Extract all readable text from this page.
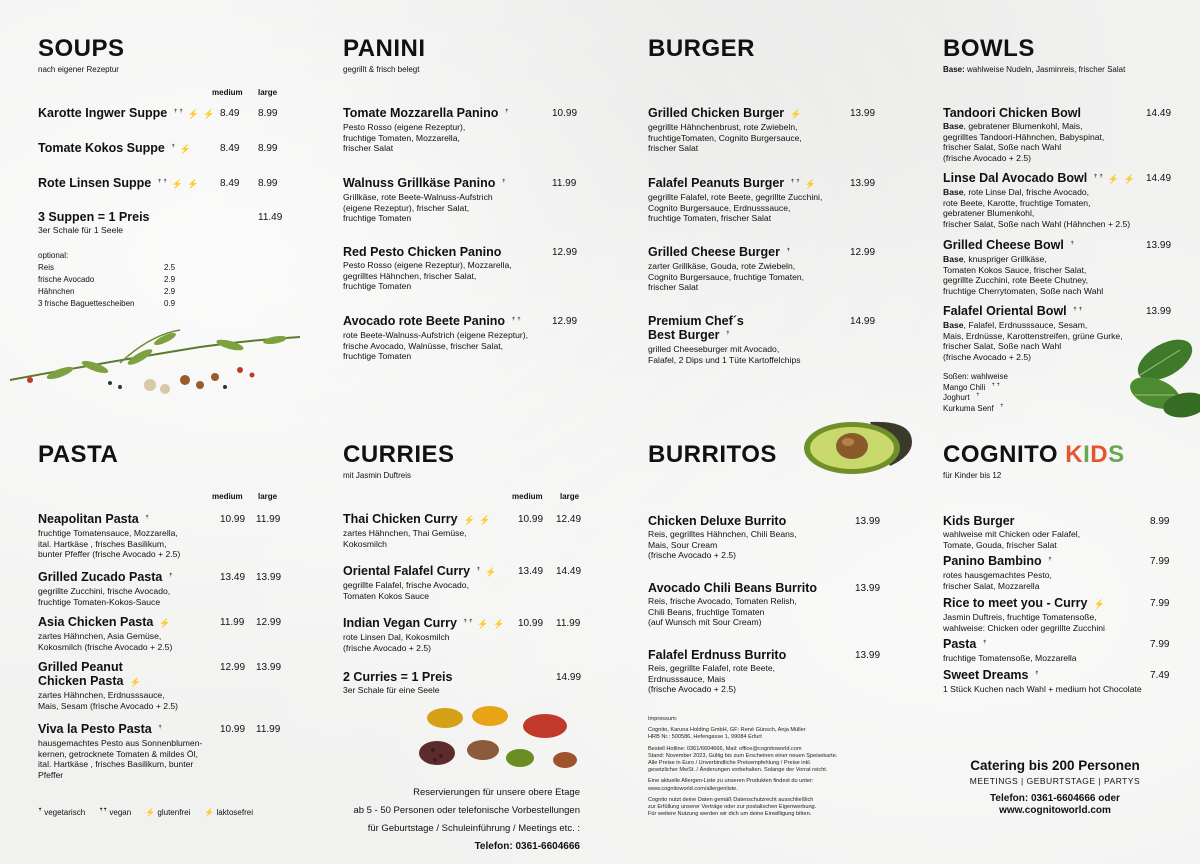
SOUPS
nach eigener Rezeptur
medium large
Karotte Ingwer Suppe ꜛꜛ ⚡ ⚡ 8.49 8.99
Tomate Kokos Suppe ꜛ ⚡	8.49 8.99
Rote Linsen Suppe ꜛꜛ ⚡ ⚡	8.49 8.99
3 Suppen = 1 Preis
3er Schale für 1 Seele
11.49
optional:
Reis	2.5
frische Avocado	2.9
Hähnchen	2.9
3 frische Baguettescheiben	0.9
PANINI
gegrillt & frisch belegt
Tomate Mozzarella Panino ꜛ
Pesto Rosso (eigene Rezeptur),
fruchtige Tomaten, Mozzarella,
frischer Salat
10.99
Walnuss Grillkäse Panino ꜛ
Grillkäse, rote Beete-Walnuss-Aufstrich
(eigene Rezeptur), frischer Salat,
fruchtige Tomaten
11.99
Red Pesto Chicken Panino
Pesto Rosso (eigene Rezeptur), Mozzarella,
gegrilltes Hähnchen, frischer Salat,
fruchtige Tomaten
12.99
Avocado rote Beete Panino ꜛꜛ
rote Beete-Walnuss-Aufstrich (eigene Rezeptur),
frische Avocado, Walnüsse, frischer Salat,
fruchtige Tomaten
12.99
BURGER
Grilled Chicken Burger ⚡
gegrillte Hähnchenbrust, rote Zwiebeln,
fruchtigeTomaten, Cognito Burgersauce,
frischer Salat
13.99
Falafel Peanuts Burger ꜛꜛ ⚡
gegrillte Falafel, rote Beete, gegrillte Zucchini,
Cognito Burgersauce, Erdnusssauce,
fruchtige Tomaten, frischer Salat
13.99
Grilled Cheese Burger ꜛ
zarter Grillkäse, Gouda, rote Zwiebeln,
Cognito Burgersauce, fruchtige Tomaten,
frischer Salat
12.99
Premium Chef´s
Best Burger ꜛ
grilled Cheeseburger mit Avocado,
Falafel, 2 Dips und 1 Tüte Kartoffelchips
14.99
BOWLS
Base: wahlweise Nudeln, Jasminreis, frischer Salat
Tandoori Chicken Bowl
Base, gebratener Blumenkohl, Mais,
gegrilltes Tandoori-Hähnchen, Babyspinat,
frischer Salat, Soße nach Wahl
(frische Avocado + 2.5)
14.49
Linse Dal Avocado Bowl ꜛꜛ ⚡ ⚡
Base, rote Linse Dal, frische Avocado,
rote Beete, Karotte, fruchtige Tomaten,
gebratener Blumenkohl,
frischer Salat, Soße nach Wahl (Hähnchen + 2.5)
14.49
Grilled Cheese Bowl ꜛ
Base, knuspriger Grillkäse,
Tomaten Kokos Sauce, frischer Salat,
gegrillte Zucchini, rote Beete Chutney,
fruchtige Cherrytomaten, Soße nach Wahl
13.99
Falafel Oriental Bowl ꜛꜛ
Base, Falafel, Erdnusssauce, Sesam,
Mais, Erdnüsse, Karottenstreifen, grüne Gurke,
frischer Salat, Soße nach Wahl
(frische Avocado + 2.5)
13.99
Soßen: wahlweise
Mango Chili ꜛꜛ
Joghurt ꜛ
Kurkuma Senf ꜛ
PASTA
medium large
Neapolitan Pasta ꜛ
fruchtige Tomatensauce, Mozzarella,
ital. Hartkäse , frisches Basilikum,
bunter Pfeffer (frische Avocado + 2.5)
10.99 11.99
Grilled Zucado Pasta ꜛ
gegrillte Zucchini, frische Avocado,
fruchtige Tomaten-Kokos-Sauce
13.49 13.99
Asia Chicken Pasta ⚡
zartes Hähnchen, Asia Gemüse,
Kokosmilch (frische Avocado + 2.5)
11.99 12.99
Grilled Peanut
Chicken Pasta ⚡
zartes Hähnchen, Erdnusssauce,
Mais, Sesam (frische Avocado + 2.5)
12.99 13.99
Viva la Pesto Pasta ꜛ
hausgemachtes Pesto aus Sonnenblumen-
kernen, getrocknete Tomaten & mildes Öl,
ital. Hartkäse , frisches Basilikum, bunter Pfeffer
10.99 11.99
CURRIES
mit Jasmin Duftreis
medium large
Thai Chicken Curry ⚡ ⚡
zartes Hähnchen, Thai Gemüse,
Kokosmilch
10.99 12.49
Oriental Falafel Curry ꜛ ⚡
gegrillte Falafel, frische Avocado,
Tomaten Kokos Sauce
13.49 14.49
Indian Vegan Curry ꜛꜛ ⚡ ⚡
rote Linsen Dal, Kokosmilch
(frische Avocado + 2.5)
10.99 11.99
2 Curries = 1 Preis
3er Schale für eine Seele
14.99
BURRITOS
Chicken Deluxe Burrito
Reis, gegrilltes Hähnchen, Chili Beans,
Mais, Sour Cream
(frische Avocado + 2.5)
13.99
Avocado Chili Beans Burrito
Reis, frische Avocado, Tomaten Relish,
Chili Beans, fruchtige Tomaten
(auf Wunsch mit Sour Cream)
13.99
Falafel Erdnuss Burrito
Reis, gegrillte Falafel, rote Beete,
Erdnusssauce, Mais
(frische Avocado + 2.5)
13.99
COGNITO KIDS
für Kinder bis 12
Kids Burger
wahlweise mit Chicken oder Falafel,
Tomate, Gouda, frischer Salat
8.99
Panino Bambino ꜛ
rotes hausgemachtes Pesto,
frischer Salat, Mozzarella
7.99
Rice to meet you - Curry ⚡
Jasmin Duftreis, fruchtige Tomatensoße,
wahlweise: Chicken oder gegrillte Zucchini
7.99
Pasta ꜛ
fruchtige Tomatensoße, Mozzarella
7.99
Sweet Dreams ꜛ
1 Stück Kuchen nach Wahl + medium hot Chocolate
7.49
ꜛ vegetarisch ꜛꜛ vegan ⚡ glutenfrei ⚡ laktosefrei
Reservierungen für unsere obere Etage
ab 5 - 50 Personen oder telefonische Vorbestellungen
für Geburtstage / Schuleinführung / Meetings etc. :
Telefon: 0361-6604666

Impressum:

Cognito, Karuna Holding GmbH, GF: René Günsch, Anja Müller
HRB Nr.: 500586, Hefengasse 1, 99084 Erfurt

Bestell Hotline: 0361/6604666, Mail: office@cognitoworld.com
Stand: November 2023, Gültig bis zum Erscheinen einer neuen Speisekarte.
Alle Preise in Euro / Unverbindliche Preisempfehlung / Preise inkl.
gesetzlicher MwSt. / Änderungen vorbehalten. Solange der Vorrat reicht.

Eine aktuelle Allergen-Liste zu unseren Produkten findest du unter:
www.cognitoworld.com/allergenliste.

Cognito nutzt deine Daten gemäß Datenschutzrecht ausschließlich
zur Erfüllung unserer Verträge oder zur postalischen Eigenwerbung.
Für weitere Nutzung werden wir dich um deine Einwilligung bitten.

Catering bis 200 Personen
MEETINGS | GEBURTSTAGE | PARTYS
Telefon: 0361-6604666 oder
www.cognitoworld.com
